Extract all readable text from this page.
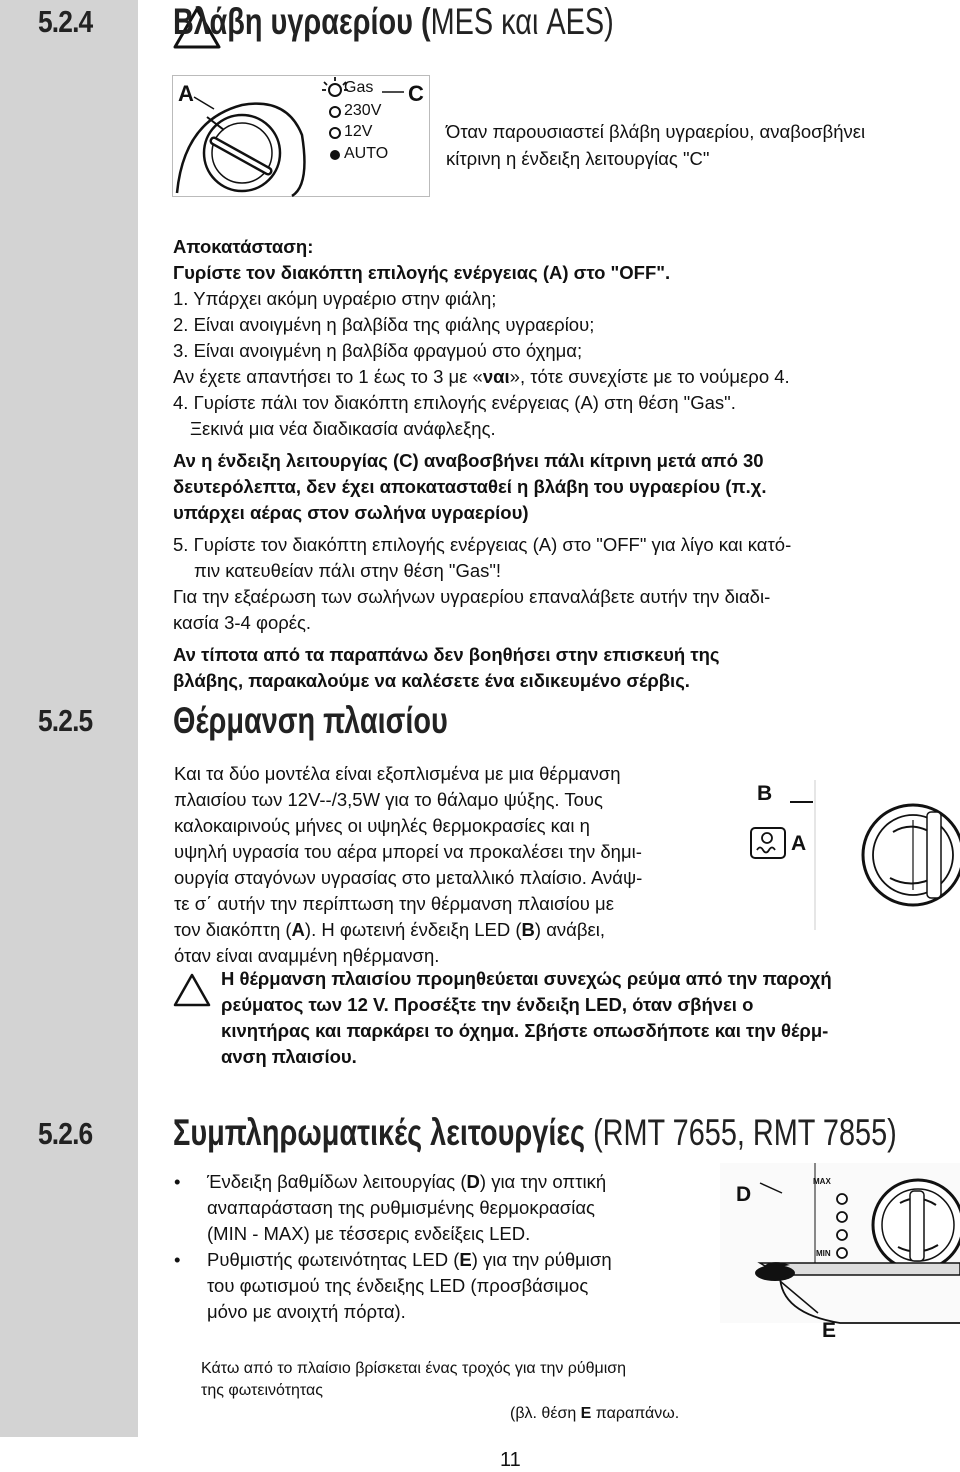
5.2.4 Βλάβη υγραερίου (MES και AES)
A	C
Gas
230V
12V
AUTO
Όταν παρουσιαστεί βλάβη υγραερίου, αναβοσβήνει
κίτρινη η ένδειξη λειτουργίας "C"
Αποκατάσταση:
Γυρίστε τον διακόπτη επιλογής ενέργειας (A) στο "OFF".
1. Υπάρχει ακόμη υγραέριο στην φιάλη;
2. Είναι ανοιγμένη η βαλβίδα της φιάλης υγραερίου;
3. Είναι ανοιγμένη η βαλβίδα φραγμού στο όχημα;
Αν έχετε απαντήσει το 1 έως το 3 με «ναι», τότε συνεχίστε με το νούμερο 4.
4. Γυρίστε πάλι τον διακόπτη επιλογής ενέργειας (A) στη θέση "Gas".
Ξεκινά μια νέα διαδικασία ανάφλεξης.
Αν η ένδειξη λειτουργίας (C) αναβοσβήνει πάλι κίτρινη μετά από 30
δευτερόλεπτα, δεν έχει αποκατασταθεί η βλάβη του υγραερίου (π.χ.
υπάρχει αέρας στον σωλήνα υγραερίου)
5. Γυρίστε τον διακόπτη επιλογής ενέργειας (A) στο "OFF" για λίγο και κατό-
πιν κατευθείαν πάλι στην θέση "Gas"!
Για την εξαέρωση των σωλήνων υγραερίου επαναλάβετε αυτήν την διαδι-
κασία 3-4 φορές.
Αν τίποτα από τα παραπάνω δεν βοηθήσει στην επισκευή της
βλάβης, παρακαλούμε να καλέσετε ένα ειδικευμένο σέρβις.
5.2.5 Θέρμανση πλαισίου
Και τα δύο μοντέλα είναι εξοπλισμένα με μια θέρμανση
πλαισίου των 12V--/3,5W για το θάλαμο ψύξης. Τους
καλοκαιρινούς μήνες οι υψηλές θερμοκρασίες και η
υψηλή υγρασία του αέρα μπορεί να προκαλέσει την δημι-
ουργία σταγόνων υγρασίας στο μεταλλικό πλαίσιο. Ανάψ-
τε σ΄ αυτήν την περίπτωση την θέρμανση πλαισίου με
τον διακόπτη (A). Η φωτεινή ένδειξη LED (B) ανάβει,
όταν είναι αναμμένη ηθέρμανση.
B
A
Η θέρμανση πλαισίου προμηθεύεται συνεχώς ρεύμα από την παροχή
ρεύματος των 12 V. Προσέξτε την ένδειξη LED, όταν σβήνει ο
κινητήρας και παρκάρει το όχημα. Σβήστε οπωσδήποτε και την θέρμ-
ανση πλαισίου.
5.2.6 Συμπληρωματικές λειτουργίες (RMT 7655, RMT 7855)
• Ένδειξη βαθμίδων λειτουργίας (D) για την οπτική
αναπαράσταση της ρυθμισμένης θερμοκρασίας
(MIN - MAX) με τέσσερις ενδείξεις LED.
• Ρυθμιστής φωτεινότητας LED (E) για την ρύθμιση
του φωτισμού της ένδειξης LED (προσβάσιμος
μόνο με ανοιχτή πόρτα).
D
E
MAX
MIN
Κάτω από το πλαίσιο βρίσκεται ένας τροχός για την ρύθμιση
της φωτεινότητας
(βλ. θέση E παραπάνω.
11
